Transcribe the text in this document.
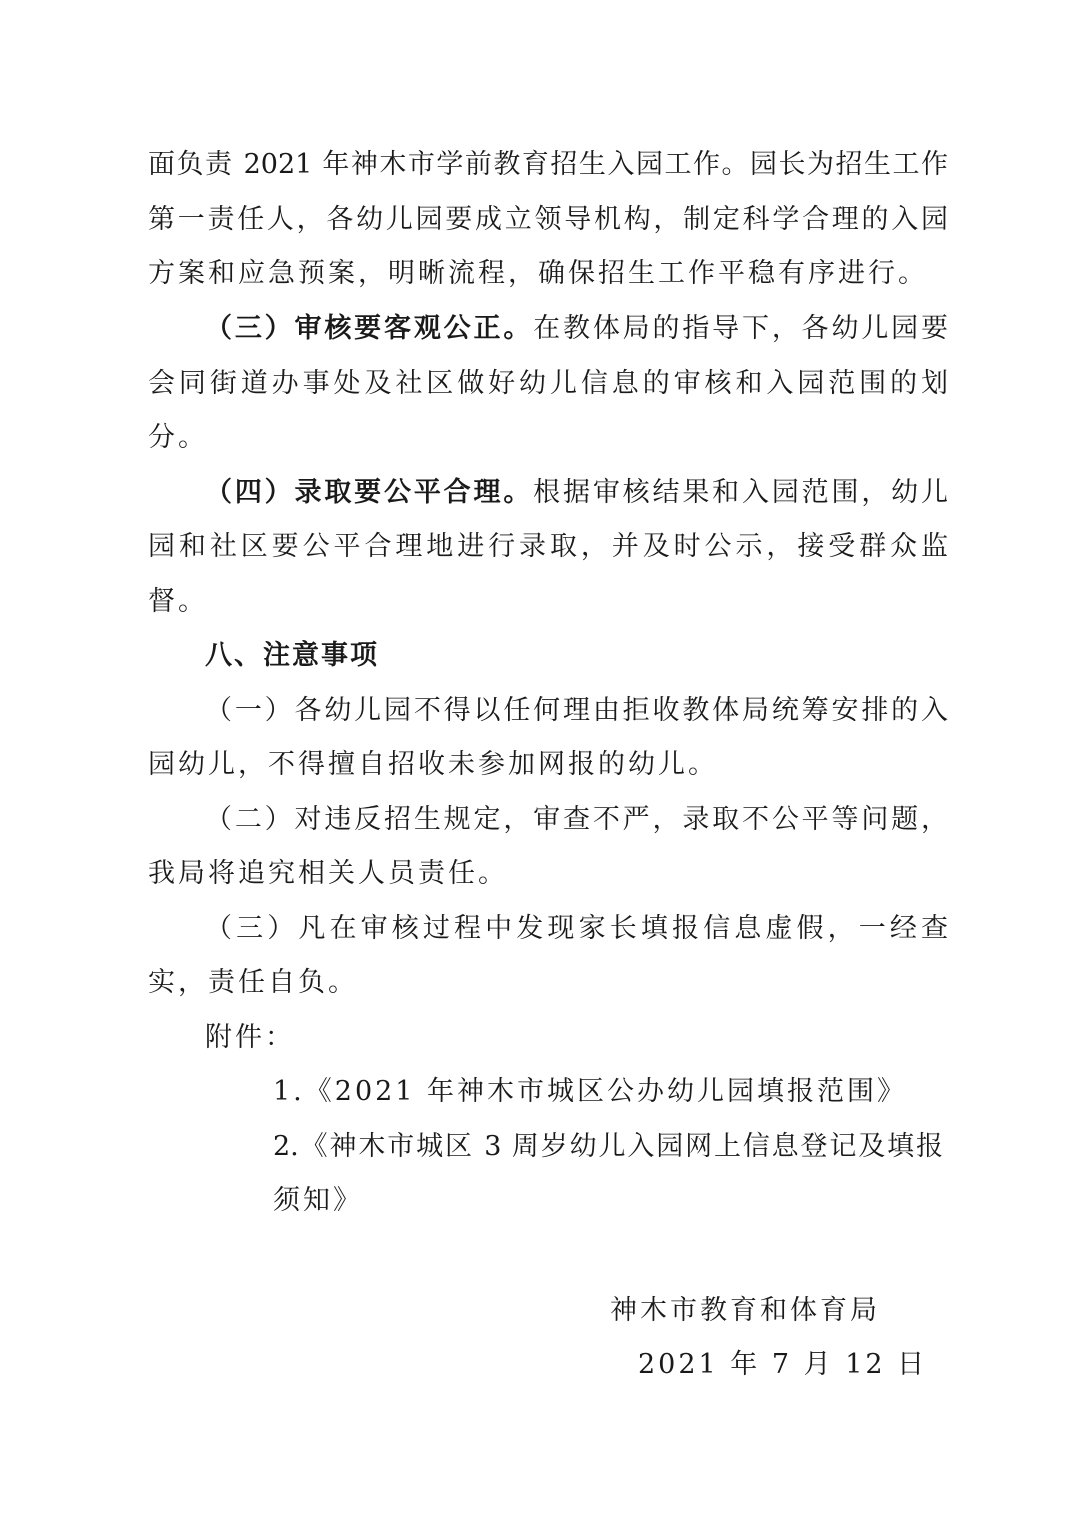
面负责 2021 年神木市学前教育招生入园工作。园长为招生工作
第一责任人，各幼儿园要成立领导机构，制定科学合理的入园
方案和应急预案，明晰流程，确保招生工作平稳有序进行。
（三）审核要客观公正。在教体局的指导下，各幼儿园要
会同街道办事处及社区做好幼儿信息的审核和入园范围的划
分。
（四）录取要公平合理。根据审核结果和入园范围，幼儿
园和社区要公平合理地进行录取，并及时公示，接受群众监
督。
八、注意事项
（一）各幼儿园不得以任何理由拒收教体局统筹安排的入
园幼儿，不得擅自招收未参加网报的幼儿。
（二）对违反招生规定，审查不严，录取不公平等问题，
我局将追究相关人员责任。
（三）凡在审核过程中发现家长填报信息虚假，一经查
实，责任自负。
附件：
1.《2021 年神木市城区公办幼儿园填报范围》
2.《神木市城区 3 周岁幼儿入园网上信息登记及填报
须知》
神木市教育和体育局
2021 年 7 月 12 日
